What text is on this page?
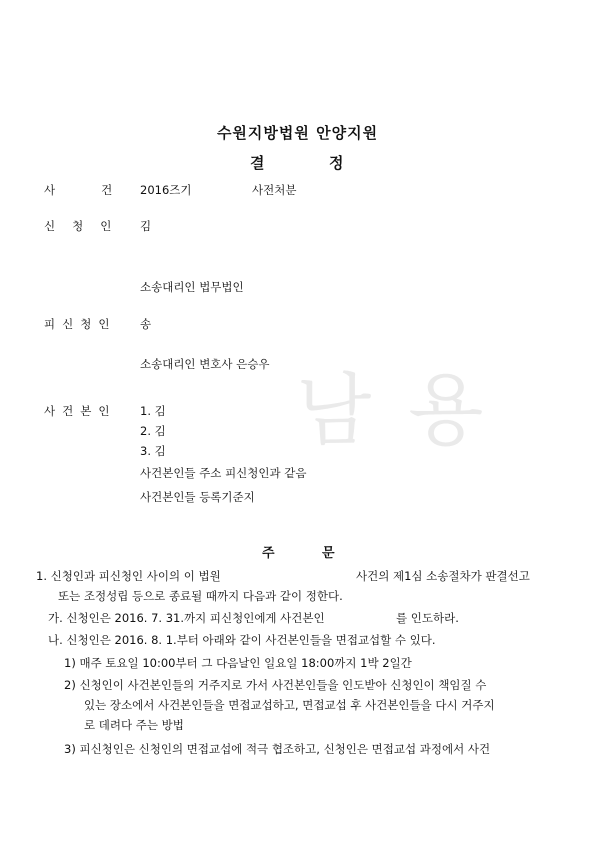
남 용
수원지방법원 안양지원
결	정
사	건 2016즈기	사전처분
신 청 인 김
소송대리인 법무법인
피 신 청 인	송
소송대리인 변호사 은승우
사 건 본 인	1. 김
2. 김
3. 김
사건본인들 주소 피신청인과 같음
사건본인들 등록기준지
주	문
1. 신청인과 피신청인 사이의 이 법원	사건의 제1심 소송절차가 판결선고
또는 조정성립 등으로 종료될 때까지 다음과 같이 정한다.
가. 신청인은 2016. 7. 31.까지 피신청인에게 사건본인	를 인도하라.
나. 신청인은 2016. 8. 1.부터 아래와 같이 사건본인들을 면접교섭할 수 있다.
1) 매주 토요일 10:00부터 그 다음날인 일요일 18:00까지 1박 2일간
2) 신청인이 사건본인들의 거주지로 가서 사건본인들을 인도받아 신청인이 책임질 수
있는 장소에서 사건본인들을 면접교섭하고, 면접교섭 후 사건본인들을 다시 거주지
로 데려다 주는 방법
3) 피신청인은 신청인의 면접교섭에 적극 협조하고, 신청인은 면접교섭 과정에서 사건
